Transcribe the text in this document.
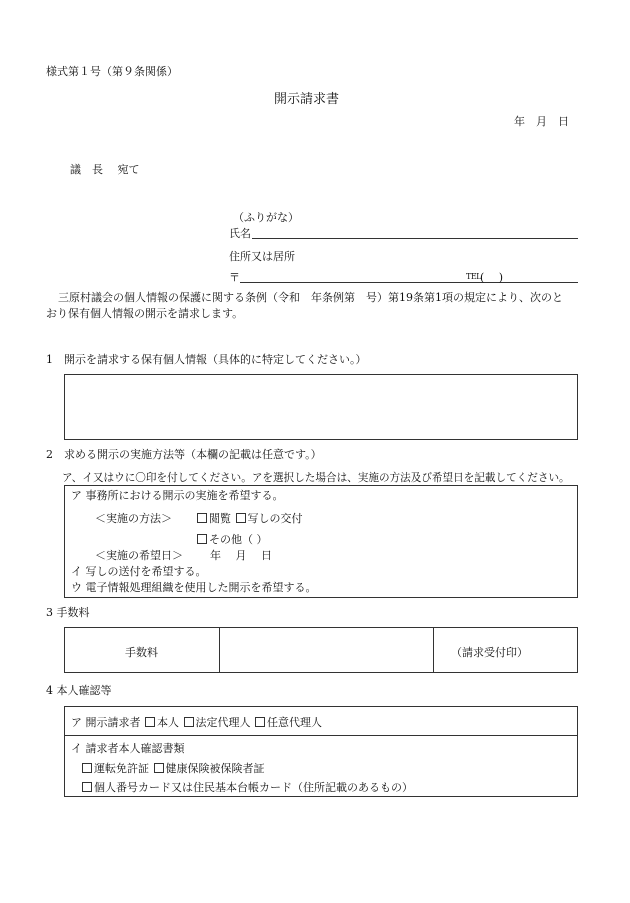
様式第１号（第９条関係）
開示請求書
年　月　日
議　長　 宛て
（ふりがな）
氏名
住所又は居所
〒	TEL (　 )
三原村議会の個人情報の保護に関する条例（令和　年条例第　号）第19条第1項の規定により、次のと
おり保有個人情報の開示を請求します。
1　開示を請求する保有個人情報（具体的に特定してください。）
2　求める開示の実施方法等（本欄の記載は任意です。）
ア、イ又はウに〇印を付してください。アを選択した場合は、実施の方法及び希望日を記載してください。
ア 事務所における開示の実施を希望する。
＜実施の方法＞	閲覧 写しの交付
その他（ ）
＜実施の希望日＞ 年　 月　 日
イ 写しの送付を希望する。
ウ 電子情報処理組織を使用した開示を希望する。
3 手数料
手数料	（請求受付印）
4 本人確認等
ア 開示請求者 本人 法定代理人 任意代理人
イ 請求者本人確認書類
運転免許証 健康保険被保険者証
個人番号カード又は住民基本台帳カード（住所記載のあるもの）
